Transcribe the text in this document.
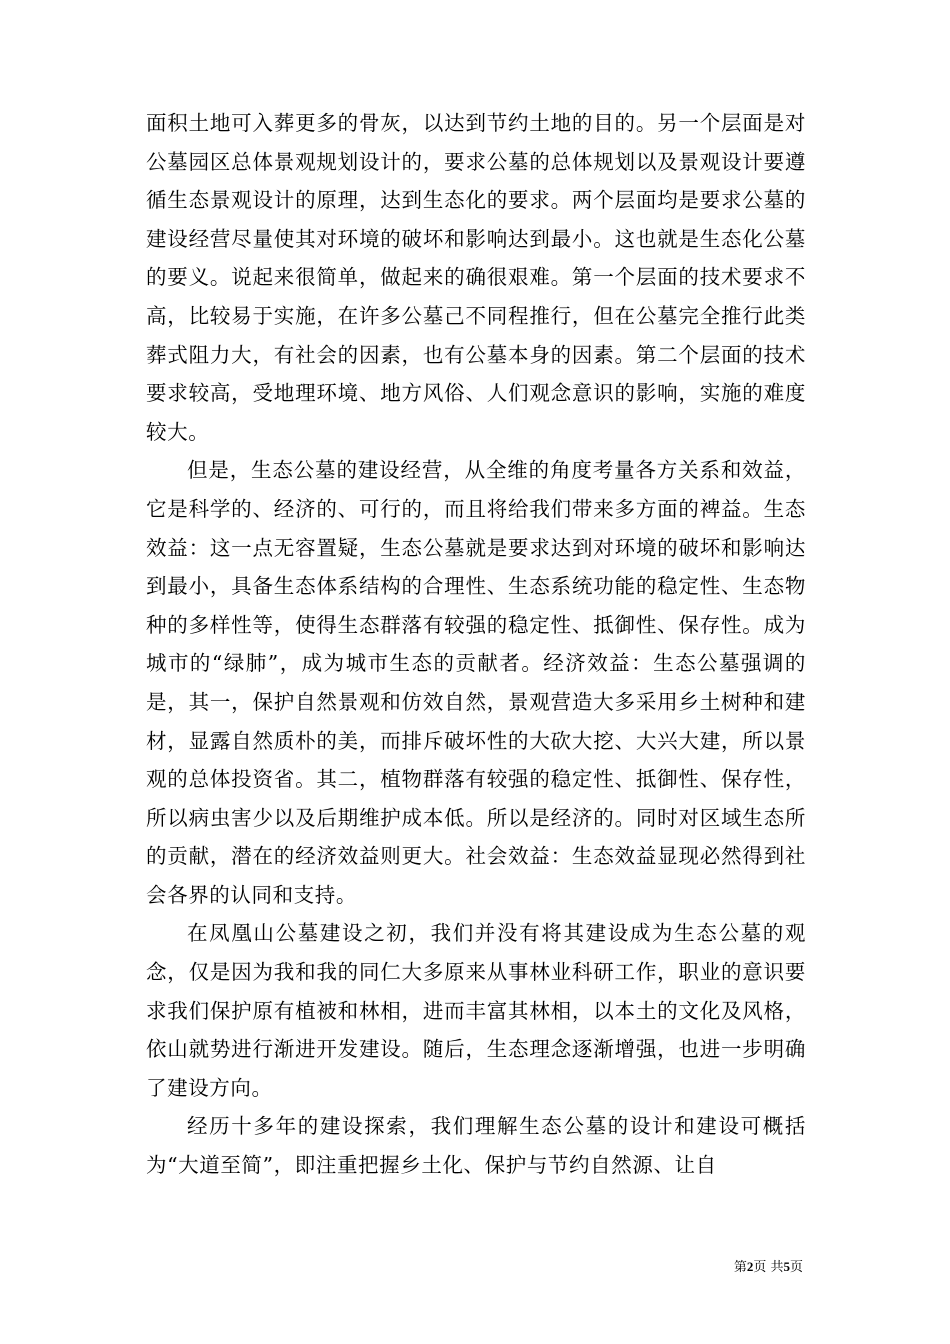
面积土地可入葬更多的骨灰，以达到节约土地的目的。另一个层面是对公墓园区总体景观规划设计的，要求公墓的总体规划以及景观设计要遵循生态景观设计的原理，达到生态化的要求。两个层面均是要求公墓的建设经营尽量使其对环境的破坏和影响达到最小。这也就是生态化公墓的要义。说起来很简单，做起来的确很艰难。第一个层面的技术要求不高，比较易于实施，在许多公墓己不同程推行，但在公墓完全推行此类葬式阻力大，有社会的因素，也有公墓本身的因素。第二个层面的技术要求较高，受地理环境、地方风俗、人们观念意识的影响，实施的难度较大。

但是，生态公墓的建设经营，从全维的角度考量各方关系和效益，它是科学的、经济的、可行的，而且将给我们带来多方面的裨益。生态效益：这一点无容置疑，生态公墓就是要求达到对环境的破坏和影响达到最小，具备生态体系结构的合理性、生态系统功能的稳定性、生态物种的多样性等，使得生态群落有较强的稳定性、抵御性、保存性。成为城市的“绿肺”，成为城市生态的贡献者。经济效益：生态公墓强调的是，其一，保护自然景观和仿效自然，景观营造大多采用乡土树种和建材，显露自然质朴的美，而排斥破坏性的大砍大挖、大兴大建，所以景观的总体投资省。其二，植物群落有较强的稳定性、抵御性、保存性，所以病虫害少以及后期维护成本低。所以是经济的。同时对区域生态所的贡献，潜在的经济效益则更大。社会效益：生态效益显现必然得到社会各界的认同和支持。

在凤凰山公墓建设之初，我们并没有将其建设成为生态公墓的观念，仅是因为我和我的同仁大多原来从事林业科研工作，职业的意识要求我们保护原有植被和林相，进而丰富其林相，以本土的文化及风格，依山就势进行渐进开发建设。随后，生态理念逐渐增强，也进一步明确了建设方向。

经历十多年的建设探索，我们理解生态公墓的设计和建设可概括为“大道至简”，即注重把握乡土化、保护与节约自然源、让自

第2页 共5页
